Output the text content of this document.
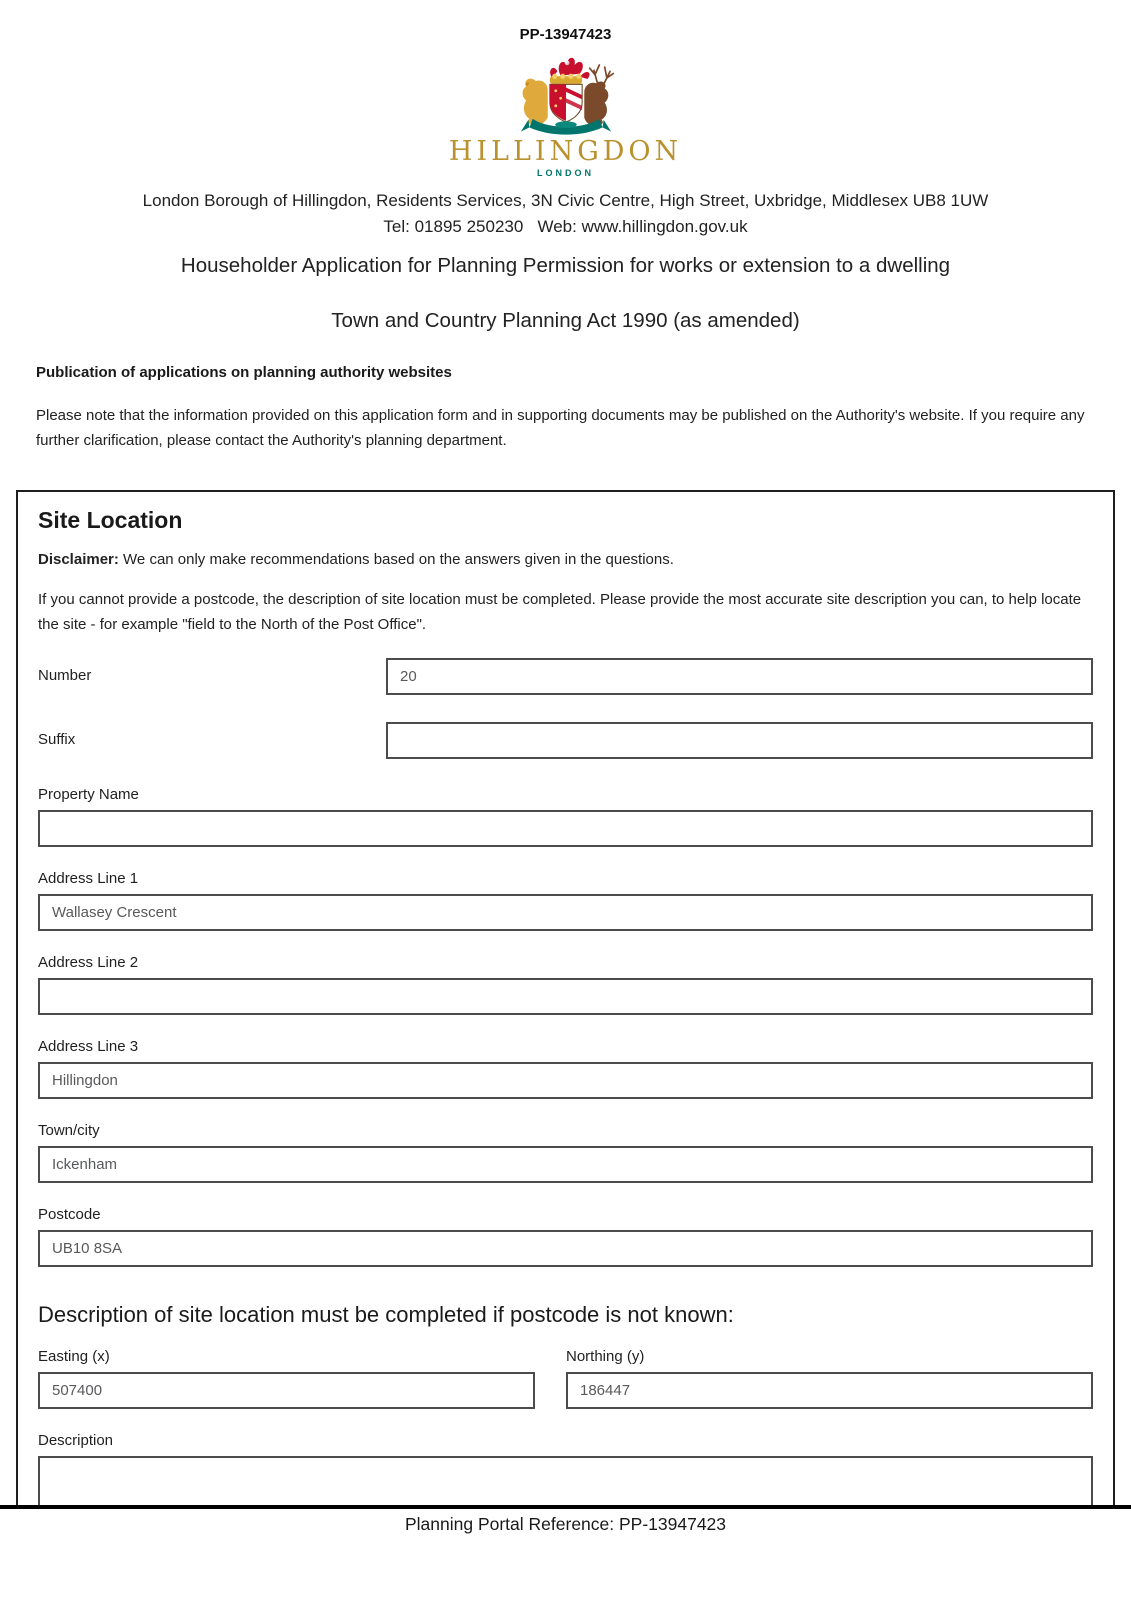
PP-13947423
HILLINGDON
LONDON
London Borough of Hillingdon, Residents Services, 3N Civic Centre, High Street, Uxbridge, Middlesex UB8 1UW
Tel: 01895 250230   Web: www.hillingdon.gov.uk
Householder Application for Planning Permission for works or extension to a dwelling
Town and Country Planning Act 1990 (as amended)
Publication of applications on planning authority websites

Please note that the information provided on this application form and in supporting documents may be published on the Authority's website. If you require any further clarification, please contact the Authority's planning department.

Site Location

Disclaimer: We can only make recommendations based on the answers given in the questions.

If you cannot provide a postcode, the description of site location must be completed. Please provide the most accurate site description you can, to help locate the site - for example "field to the North of the Post Office".

Number
20
Suffix
Property Name
Address Line 1
Wallasey Crescent
Address Line 2
Address Line 3
Hillingdon
Town/city
Ickenham
Postcode
UB10 8SA
Description of site location must be completed if postcode is not known:
Easting (x)
507400	Northing (y)
186447
Description
Planning Portal Reference: PP-13947423
